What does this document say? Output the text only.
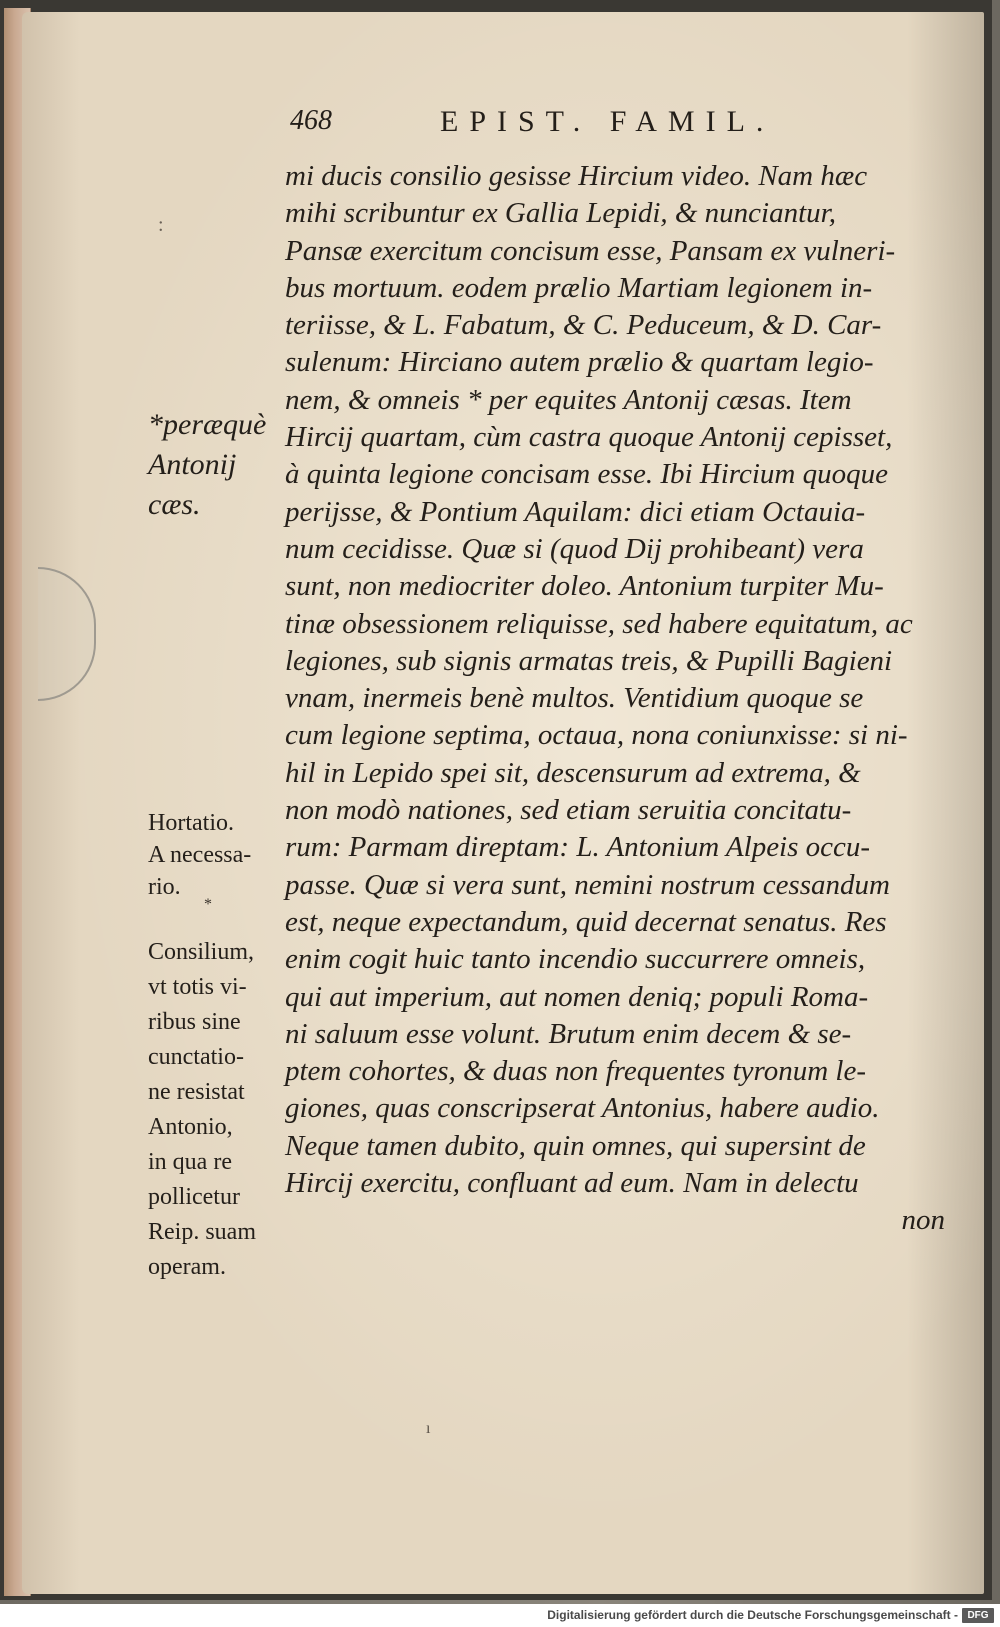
468	EPIST. FAMIL.
:
mi ducis consilio gesisse Hircium video. Nam hæc
mihi scribuntur ex Gallia Lepidi, & nunciantur,
Pansæ exercitum concisum esse, Pansam ex vulneri-
bus mortuum. eodem prælio Martiam legionem in-
teriisse, & L. Fabatum, & C. Peduceum, & D. Car-
sulenum: Hirciano autem prælio & quartam legio-
nem, & omneis * per equites Antonij cæsas. Item
Hircij quartam, cùm castra quoque Antonij cepisset,
à quinta legione concisam esse. Ibi Hircium quoque
perijsse, & Pontium Aquilam: dici etiam Octauia-
num cecidisse. Quæ si (quod Dij prohibeant) vera
sunt, non mediocriter doleo. Antonium turpiter Mu-
tinæ obsessionem reliquisse, sed habere equitatum, ac
legiones, sub signis armatas treis, & Pupilli Bagieni
vnam, inermeis benè multos. Ventidium quoque se
cum legione septima, octaua, nona coniunxisse: si ni-
hil in Lepido spei sit, descensurum ad extrema, &
non modò nationes, sed etiam seruitia concitatu-
rum: Parmam direptam: L. Antonium Alpeis occu-
passe. Quæ si vera sunt, nemini nostrum cessandum
est, neque expectandum, quid decernat senatus. Res
enim cogit huic tanto incendio succurrere omneis,
qui aut imperium, aut nomen deniq; populi Roma-
ni saluum esse volunt. Brutum enim decem & se-
ptem cohortes, & duas non frequentes tyronum le-
giones, quas conscripserat Antonius, habere audio.
Neque tamen dubito, quin omnes, qui supersint de
Hircij exercitu, confluant ad eum. Nam in delectu
non
*peræquè
Antonij
cæs.
Hortatio.
A necessa-
rio.
*
Consilium,
vt totis vi-
ribus sine
cunctatio-
ne resistat
Antonio,
in qua re
pollicetur
Reip. suam
operam.
ı
Digitalisierung gefördert durch die Deutsche Forschungsgemeinschaft - DFG
